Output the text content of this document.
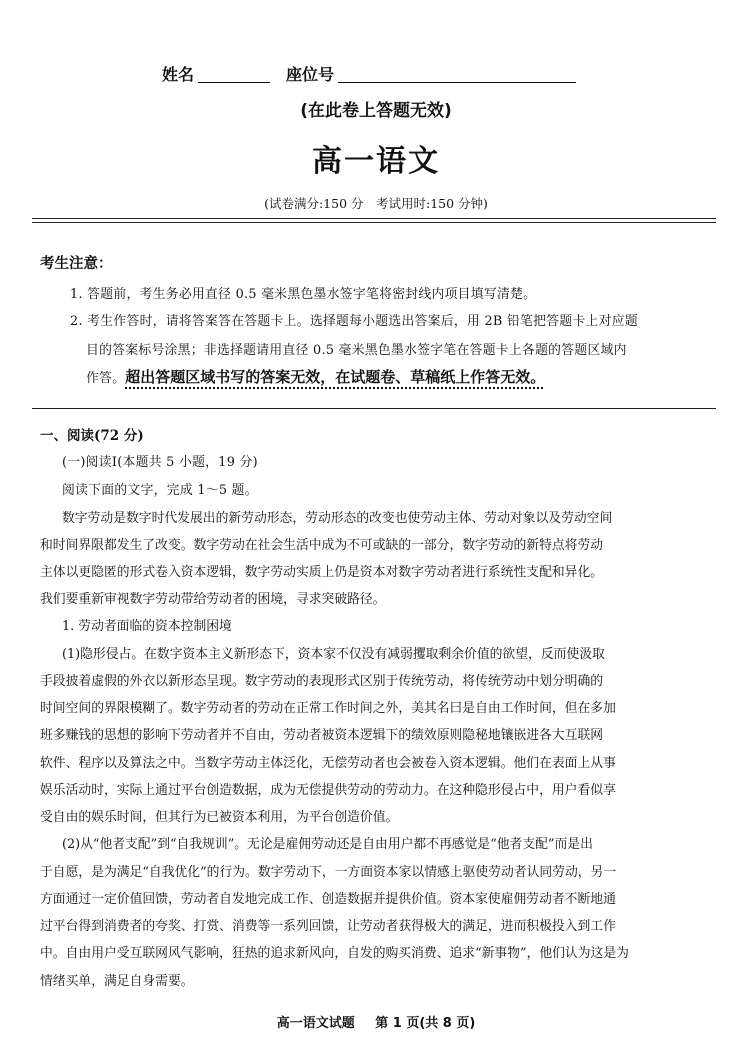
姓名	座位号
(在此卷上答题无效)
高一语文
(试卷满分:150 分　考试用时:150 分钟)
考生注意：
1. 答题前，考生务必用直径 0.5 毫米黑色墨水签字笔将密封线内项目填写清楚。
2. 考生作答时，请将答案答在答题卡上。选择题每小题选出答案后，用 2B 铅笔把答题卡上对应题
目的答案标号涂黑；非选择题请用直径 0.5 毫米黑色墨水签字笔在答题卡上各题的答题区域内
作答。超出答题区域书写的答案无效，在试题卷、草稿纸上作答无效。
一、阅读(72 分)
(一)阅读Ⅰ(本题共 5 小题，19 分)
阅读下面的文字，完成 1～5 题。
数字劳动是数字时代发展出的新劳动形态，劳动形态的改变也使劳动主体、劳动对象以及劳动空间
和时间界限都发生了改变。数字劳动在社会生活中成为不可或缺的一部分，数字劳动的新特点将劳动
主体以更隐匿的形式卷入资本逻辑，数字劳动实质上仍是资本对数字劳动者进行系统性支配和异化。
我们要重新审视数字劳动带给劳动者的困境，寻求突破路径。
1. 劳动者面临的资本控制困境
(1)隐形侵占。在数字资本主义新形态下，资本家不仅没有减弱攫取剩余价值的欲望，反而使汲取
手段披着虚假的外衣以新形态呈现。数字劳动的表现形式区别于传统劳动，将传统劳动中划分明确的
时间空间的界限模糊了。数字劳动者的劳动在正常工作时间之外，美其名曰是自由工作时间，但在多加
班多赚钱的思想的影响下劳动者并不自由，劳动者被资本逻辑下的绩效原则隐秘地镶嵌进各大互联网
软件、程序以及算法之中。当数字劳动主体泛化，无偿劳动者也会被卷入资本逻辑。他们在表面上从事
娱乐活动时，实际上通过平台创造数据，成为无偿提供劳动的劳动力。在这种隐形侵占中，用户看似享
受自由的娱乐时间，但其行为已被资本利用，为平台创造价值。
(2)从“他者支配”到“自我规训”。无论是雇佣劳动还是自由用户都不再感觉是“他者支配”而是出
于自愿，是为满足“自我优化”的行为。数字劳动下，一方面资本家以情感上驱使劳动者认同劳动，另一
方面通过一定价值回馈，劳动者自发地完成工作、创造数据并提供价值。资本家使雇佣劳动者不断地通
过平台得到消费者的夸奖、打赏、消费等一系列回馈，让劳动者获得极大的满足，进而积极投入到工作
中。自由用户受互联网风气影响，狂热的追求新风向，自发的购买消费、追求“新事物”，他们认为这是为
情绪买单，满足自身需要。
高一语文试题 第 1 页(共 8 页)
